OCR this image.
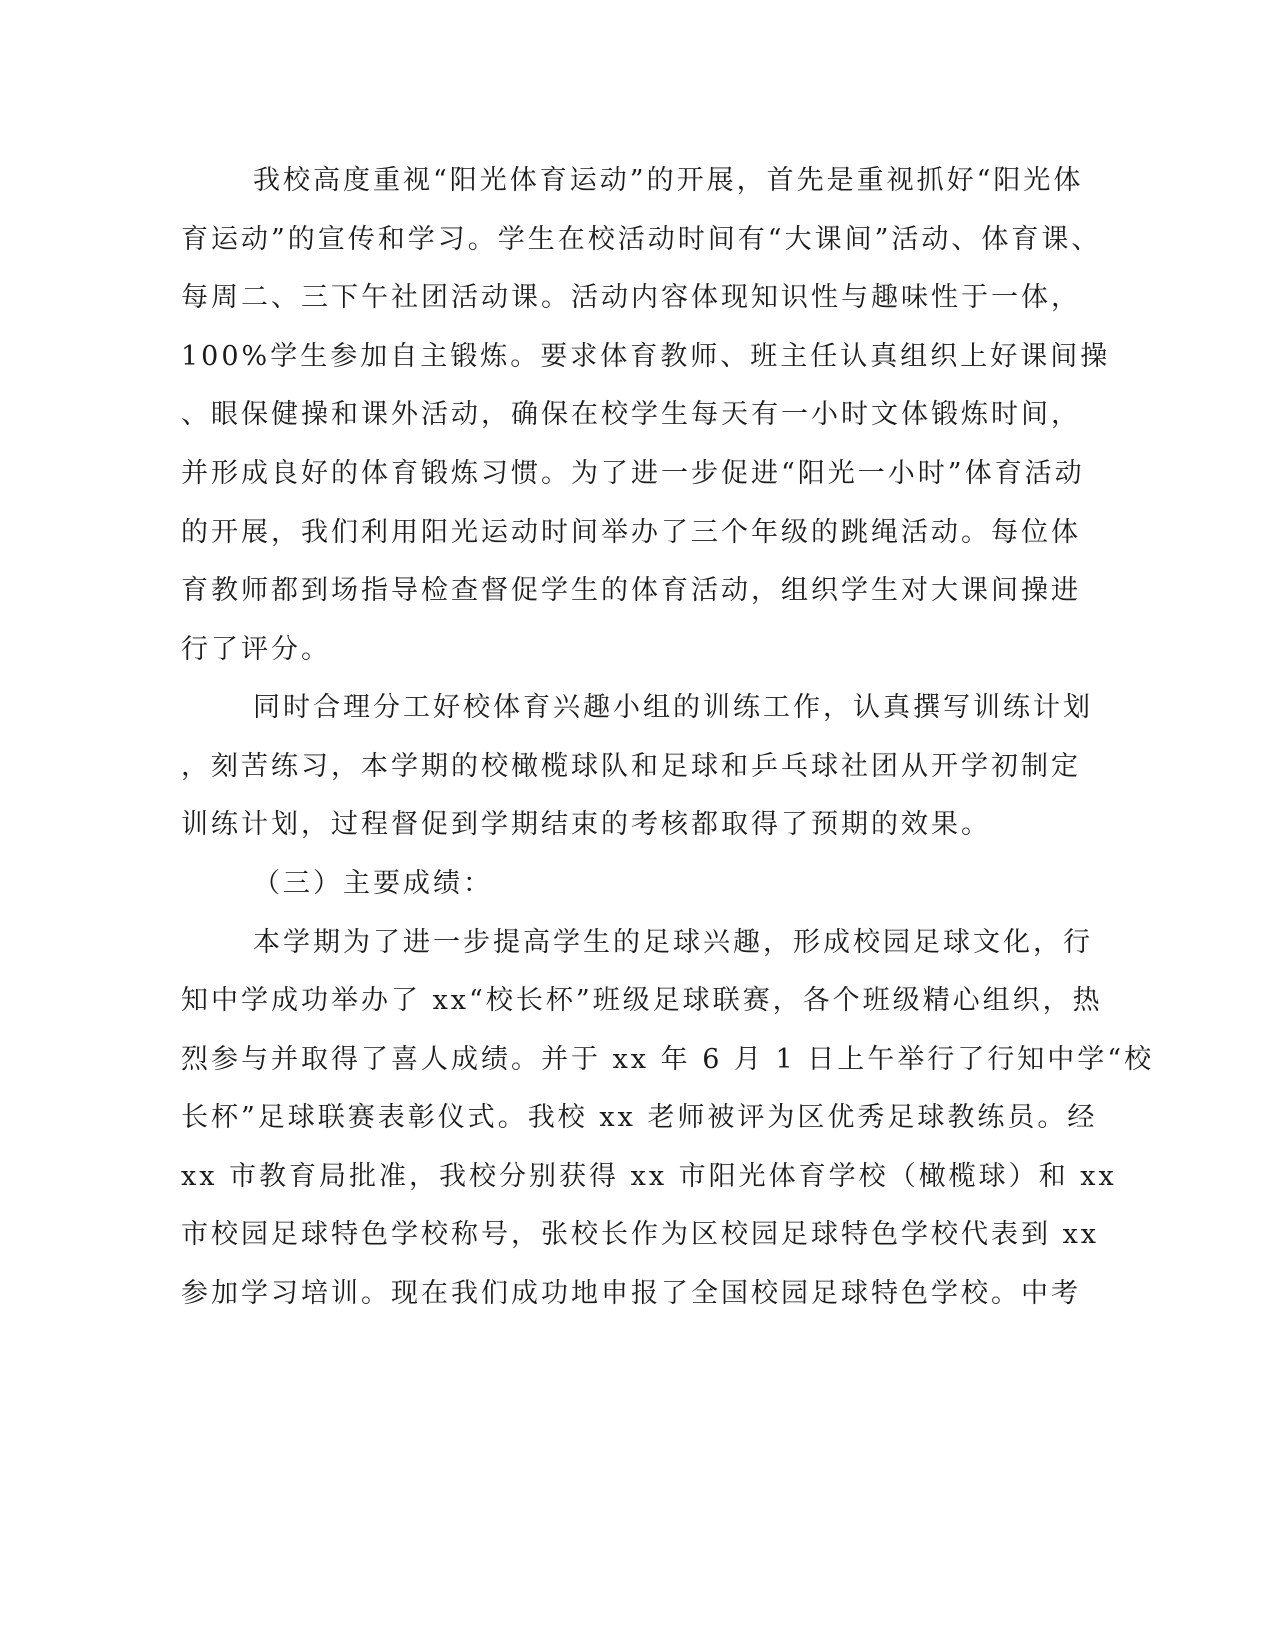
我校高度重视“阳光体育运动”的开展，首先是重视抓好“阳光体

育运动”的宣传和学习。学生在校活动时间有“大课间”活动、体育课、

每周二、三下午社团活动课。活动内容体现知识性与趣味性于一体，

100%学生参加自主锻炼。要求体育教师、班主任认真组织上好课间操

、眼保健操和课外活动，确保在校学生每天有一小时文体锻炼时间，

并形成良好的体育锻炼习惯。为了进一步促进“阳光一小时”体育活动

的开展，我们利用阳光运动时间举办了三个年级的跳绳活动。每位体

育教师都到场指导检查督促学生的体育活动，组织学生对大课间操进

行了评分。

同时合理分工好校体育兴趣小组的训练工作，认真撰写训练计划

，刻苦练习，本学期的校橄榄球队和足球和乒乓球社团从开学初制定

训练计划，过程督促到学期结束的考核都取得了预期的效果。

（三）主要成绩：

本学期为了进一步提高学生的足球兴趣，形成校园足球文化，行

知中学成功举办了 xx“校长杯”班级足球联赛，各个班级精心组织，热

烈参与并取得了喜人成绩。并于 xx 年 6 月 1 日上午举行了行知中学“校

长杯”足球联赛表彰仪式。我校 xx 老师被评为区优秀足球教练员。经

xx 市教育局批准，我校分别获得 xx 市阳光体育学校（橄榄球）和 xx

市校园足球特色学校称号，张校长作为区校园足球特色学校代表到 xx

参加学习培训。现在我们成功地申报了全国校园足球特色学校。中考
